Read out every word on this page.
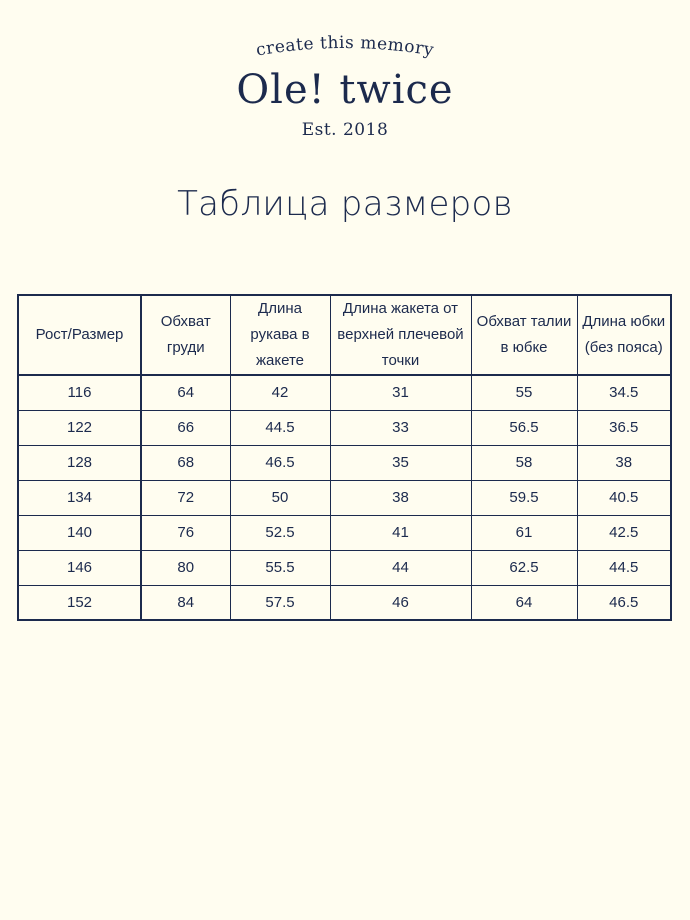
create this memory
Ole! twice
Est. 2018
Таблица размеров
Рост/Размер	Обхват груди	Длина рукава в жакете	Длина жакета от верхней плечевой точки	Обхват талии в юбке	Длина юбки (без пояса)
116	64	42	31	55	34.5
122	66	44.5	33	56.5	36.5
128	68	46.5	35	58	38
134	72	50	38	59.5	40.5
140	76	52.5	41	61	42.5
146	80	55.5	44	62.5	44.5
152	84	57.5	46	64	46.5
